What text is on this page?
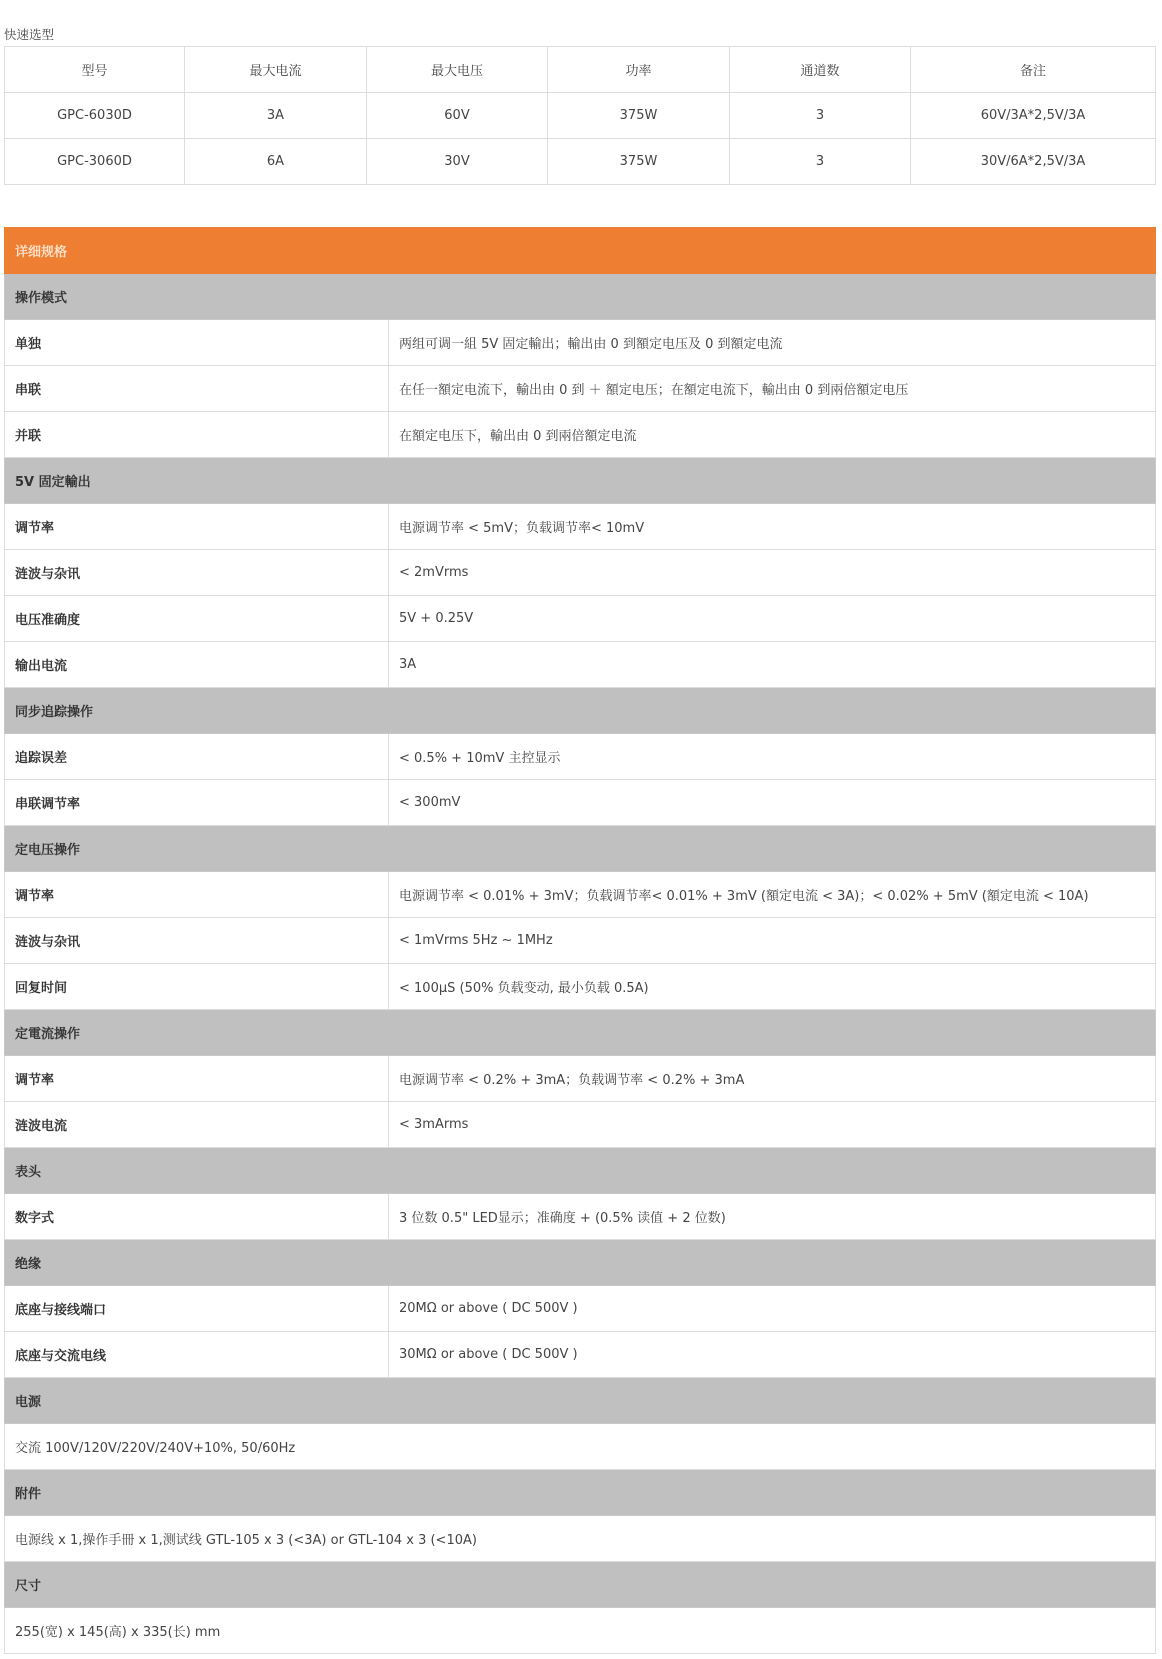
快速选型
型号	最大电流	最大电压	功率	通道数	备注
GPC-6030D	3A	60V	375W	3	60V/3A*2,5V/3A
GPC-3060D	6A	30V	375W	3	30V/6A*2,5V/3A
详细规格	
操作模式	
单独	两组可调一組 5V 固定輸出；輸出由 0 到額定电压及 0 到額定电流
串联	在任一額定电流下，輸出由 0 到 ＋ 額定电压；在額定电流下，輸出由 0 到兩倍額定电压
并联	在額定电压下，輸出由 0 到兩倍額定电流
5V 固定輸出	
调节率	电源调节率 < 5mV；负载调节率< 10mV
涟波与杂讯	< 2mVrms
电压准确度	5V + 0.25V
输出电流	3A
同步追踪操作	
追踪误差	< 0.5% + 10mV 主控显示
串联调节率	< 300mV
定电压操作	
调节率	电源调节率 < 0.01% + 3mV；负载调节率< 0.01% + 3mV (額定电流 < 3A)；< 0.02% + 5mV (額定电流 < 10A)
涟波与杂讯	< 1mVrms 5Hz ~ 1MHz
回复时间	< 100μS (50% 负载变动, 最小负载 0.5A)
定電流操作	
调节率	电源调节率 < 0.2% + 3mA；负载调节率 < 0.2% + 3mA
涟波电流	< 3mArms
表头	
数字式	3 位数 0.5" LED显示；准确度 + (0.5% 读值 + 2 位数)
绝缘	
底座与接线端口	20MΩ or above ( DC 500V )
底座与交流电线	30MΩ or above ( DC 500V )
电源	
交流 100V/120V/220V/240V+10%, 50/60Hz	
附件	
电源线 x 1,操作手冊 x 1,测试线 GTL-105 x 3 (<3A) or GTL-104 x 3 (<10A)	
尺寸	
255(宽) x 145(高) x 335(长) mm	
